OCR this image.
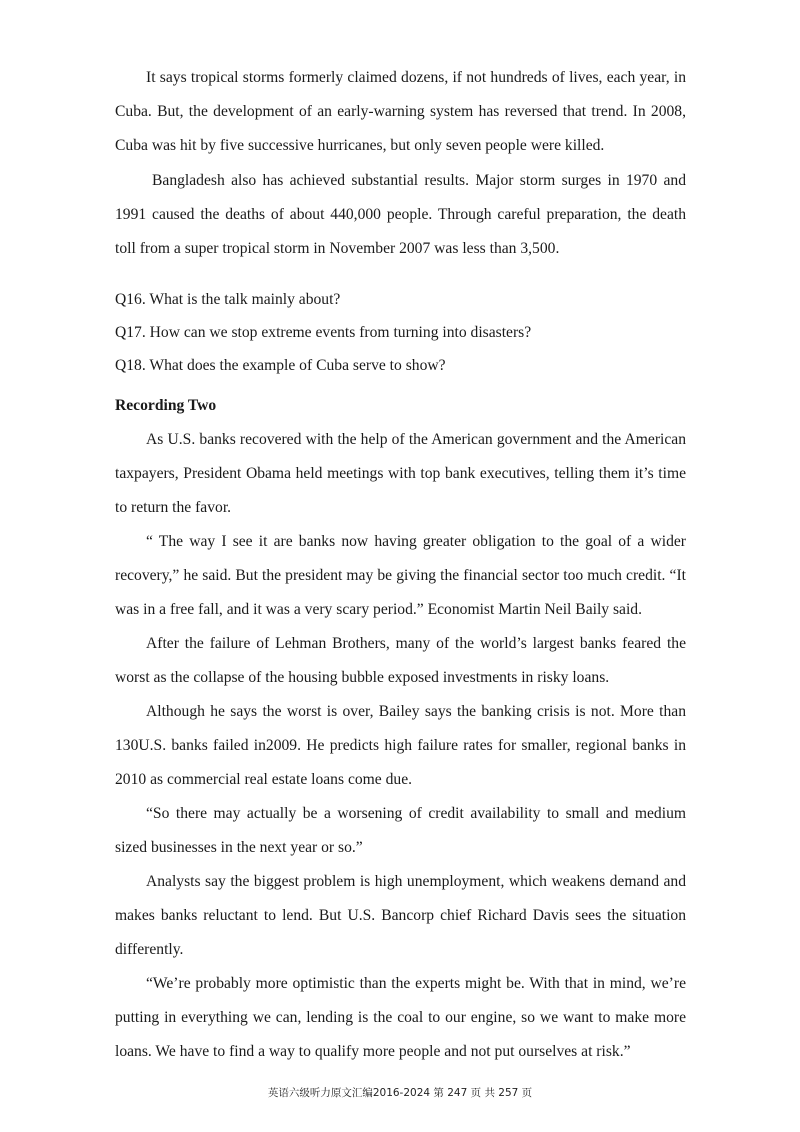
It says tropical storms formerly claimed dozens, if not hundreds of lives, each year, in Cuba. But, the development of an early-warning system has reversed that trend. In 2008, Cuba was hit by five successive hurricanes, but only seven people were killed.

Bangladesh also has achieved substantial results. Major storm surges in 1970 and 1991 caused the deaths of about 440,000 people. Through careful preparation, the death toll from a super tropical storm in November 2007 was less than 3,500.

Q16. What is the talk mainly about?

Q17. How can we stop extreme events from turning into disasters?

Q18. What does the example of Cuba serve to show?

Recording Two

As U.S. banks recovered with the help of the American government and the American taxpayers, President Obama held meetings with top bank executives, telling them it’s time to return the favor.

“ The way I see it are banks now having greater obligation to the goal of a wider recovery,” he said. But the president may be giving the financial sector too much credit. “It was in a free fall, and it was a very scary period.” Economist Martin Neil Baily said.

After the failure of Lehman Brothers, many of the world’s largest banks feared the worst as the collapse of the housing bubble exposed investments in risky loans.

Although he says the worst is over, Bailey says the banking crisis is not. More than 130U.S. banks failed in2009. He predicts high failure rates for smaller, regional banks in 2010 as commercial real estate loans come due.

“So there may actually be a worsening of credit availability to small and medium sized businesses in the next year or so.”

Analysts say the biggest problem is high unemployment, which weakens demand and makes banks reluctant to lend. But U.S. Bancorp chief Richard Davis sees the situation differently.

“We’re probably more optimistic than the experts might be. With that in mind, we’re putting in everything we can, lending is the coal to our engine, so we want to make more loans. We have to find a way to qualify more people and not put ourselves at risk.”

英语六级听力原文汇编2016-2024 第 247 页 共 257 页
